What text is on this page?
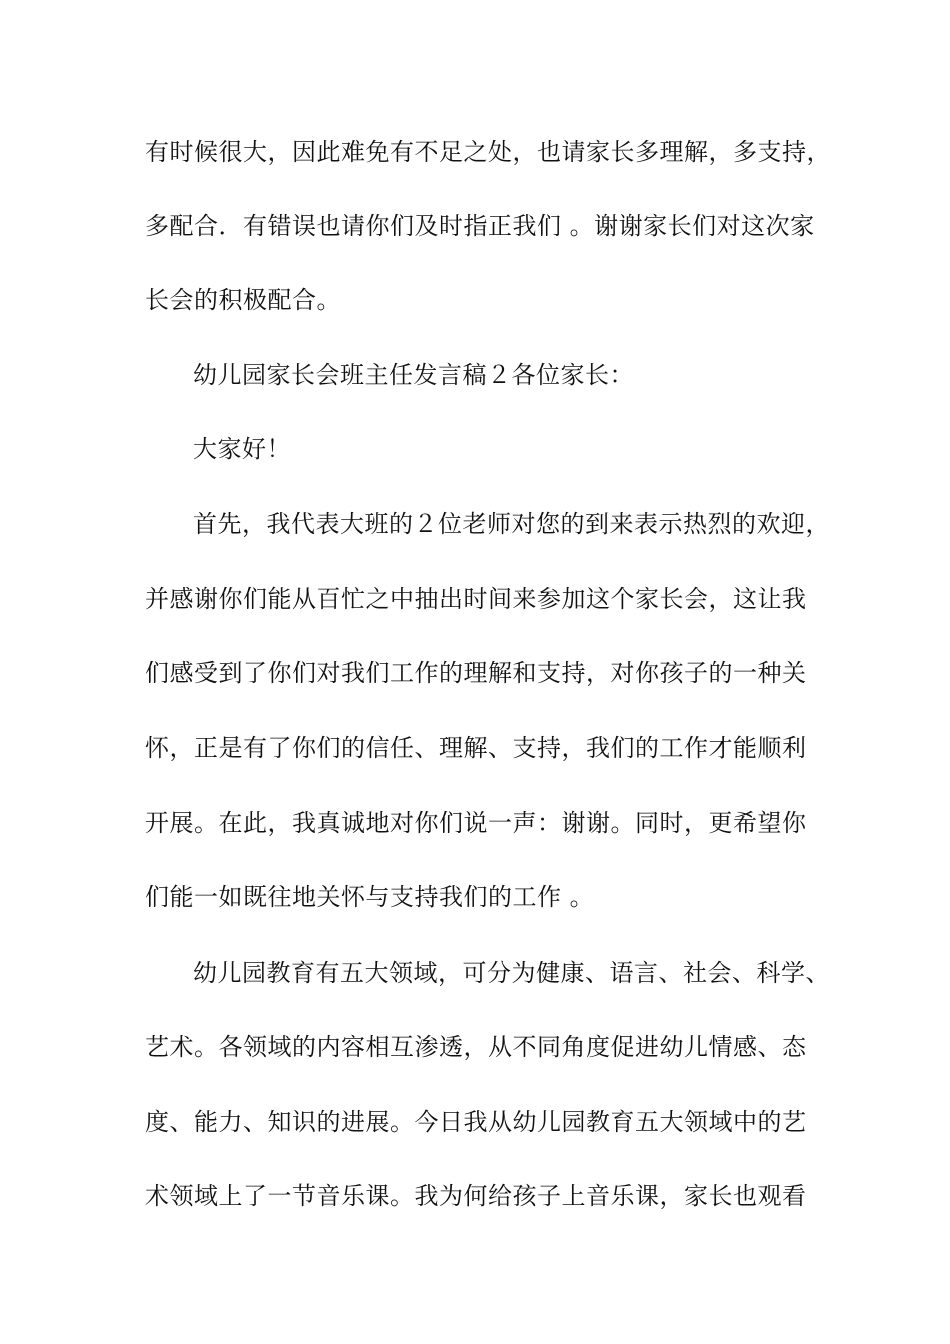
有时候很大，因此难免有不足之处，也请家长多理解，多支持，
多配合．有错误也请你们及时指正我们 。谢谢家长们对这次家
长会的积极配合。
幼儿园家长会班主任发言稿２各位家长：
大家好！
首先，我代表大班的２位老师对您的到来表示热烈的欢迎，
并感谢你们能从百忙之中抽出时间来参加这个家长会，这让我
们感受到了你们对我们工作的理解和支持，对你孩子的一种关
怀，正是有了你们的信任、理解、支持，我们的工作才能顺利
开展。在此，我真诚地对你们说一声：谢谢。同时，更希望你
们能一如既往地关怀与支持我们的工作 。
幼儿园教育有五大领域，可分为健康、语言、社会、科学、
艺术。各领域的内容相互渗透，从不同角度促进幼儿情感、态
度、能力、知识的进展。今日我从幼儿园教育五大领域中的艺
术领域上了一节音乐课。我为何给孩子上音乐课，家长也观看
